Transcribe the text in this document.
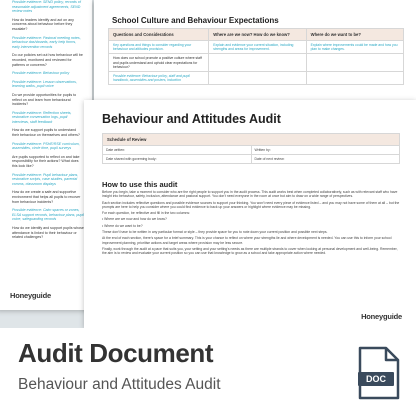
Possible evidence: SEND policy, records of reasonable adjustment agreements, SEND review notes
How do leaders identify and act on any concerns about behaviour before they escalate?
Possible evidence: Pastoral meeting notes, behaviour dashboards, early help forms, early intervention records
Do our policies set out how behaviour will be recorded, monitored and reviewed for patterns or concerns?
Possible evidence: Behaviour policy
Possible evidence: Lesson observations, learning walks, pupil voice
Do we provide opportunities for pupils to reflect on and learn from behavioural incidents?
Possible evidence: Reflection sheets, restorative conversation logs, pupil interviews, staff feedback
How do we support pupils to understand their behaviour on themselves and others?
Possible evidence: PSHE/RSE curriculum, assemblies, circle time, pupil surveys
Are pupils supported to reflect on and take responsibility for their actions? What does this look like?
Possible evidence: Pupil behaviour plans, restorative scripts, case studies, parental comms, classroom displays
How do we create a safe and supportive environment that helps all pupils to recover from behaviour incidents?
Possible evidence: Calm spaces or zones, ELSA support records, behaviour plans, pupil voice, safeguarding records
How do we identify and support pupils whose attendance is linked to their behaviour or related challenges?
Honeyguide
School Culture and Behaviour Expectations
Questions and Considerations	Where are we now? How do we know?	Where do we want to be?
Key questions and things to consider regarding your behaviour and attitudes provision.	Explain and evidence your current situation, including strengths and areas for improvement.	Explain where improvements could be made and how you plan to make changes.
How does our school promote a positive culture where staff and pupils understand and uphold clear expectations for behaviour?		
Possible evidence: Behaviour policy, staff and pupil handbook, assemblies and posters, induction		
Behaviour and Attitudes Audit
Schedule of Review	
Date written:	Written by:
Date shared with governing body:	Date of next review:
How to use this audit

Before you begin, take a moment to consider who are the right people to support you in the audit process. This audit works best when completed collaboratively, such as with relevant staff who have insight into behaviour, safety, inclusion, attendance and pastoral support. You don't need everyone in the room at once but aim to draw on a wide range of perspectives.

Each section includes reflective questions and possible evidence sources to support your thinking. You won't need every piece of evidence listed – and you may not have some of them at all – but the prompts are here to help you consider where you could find evidence to back up your answers or highlight where evidence may be missing.

For each question, be reflective and fill in the two columns:

• Where are we now and how do we know?

• Where do we want to be?

These don't have to be written in any particular format or style – they provide space for you to note down your current position and possible next steps.

At the end of each section, there's space for a brief summary. This is your chance to reflect on where your strengths lie and where development is needed. You can use this to inform your school improvement planning, prioritise actions and target areas where provision may be less secure.

Finally, work through the audit at a pace that suits you, your setting and your setting's needs as there are multiple strands to cover when looking at personal development and well-being. Remember, the aim is to review and evaluate your current position so you can use that knowledge to grow as a school and take appropriate action where needed.

Honeyguide
Audit Document
Behaviour and Attitudes Audit	DOC
